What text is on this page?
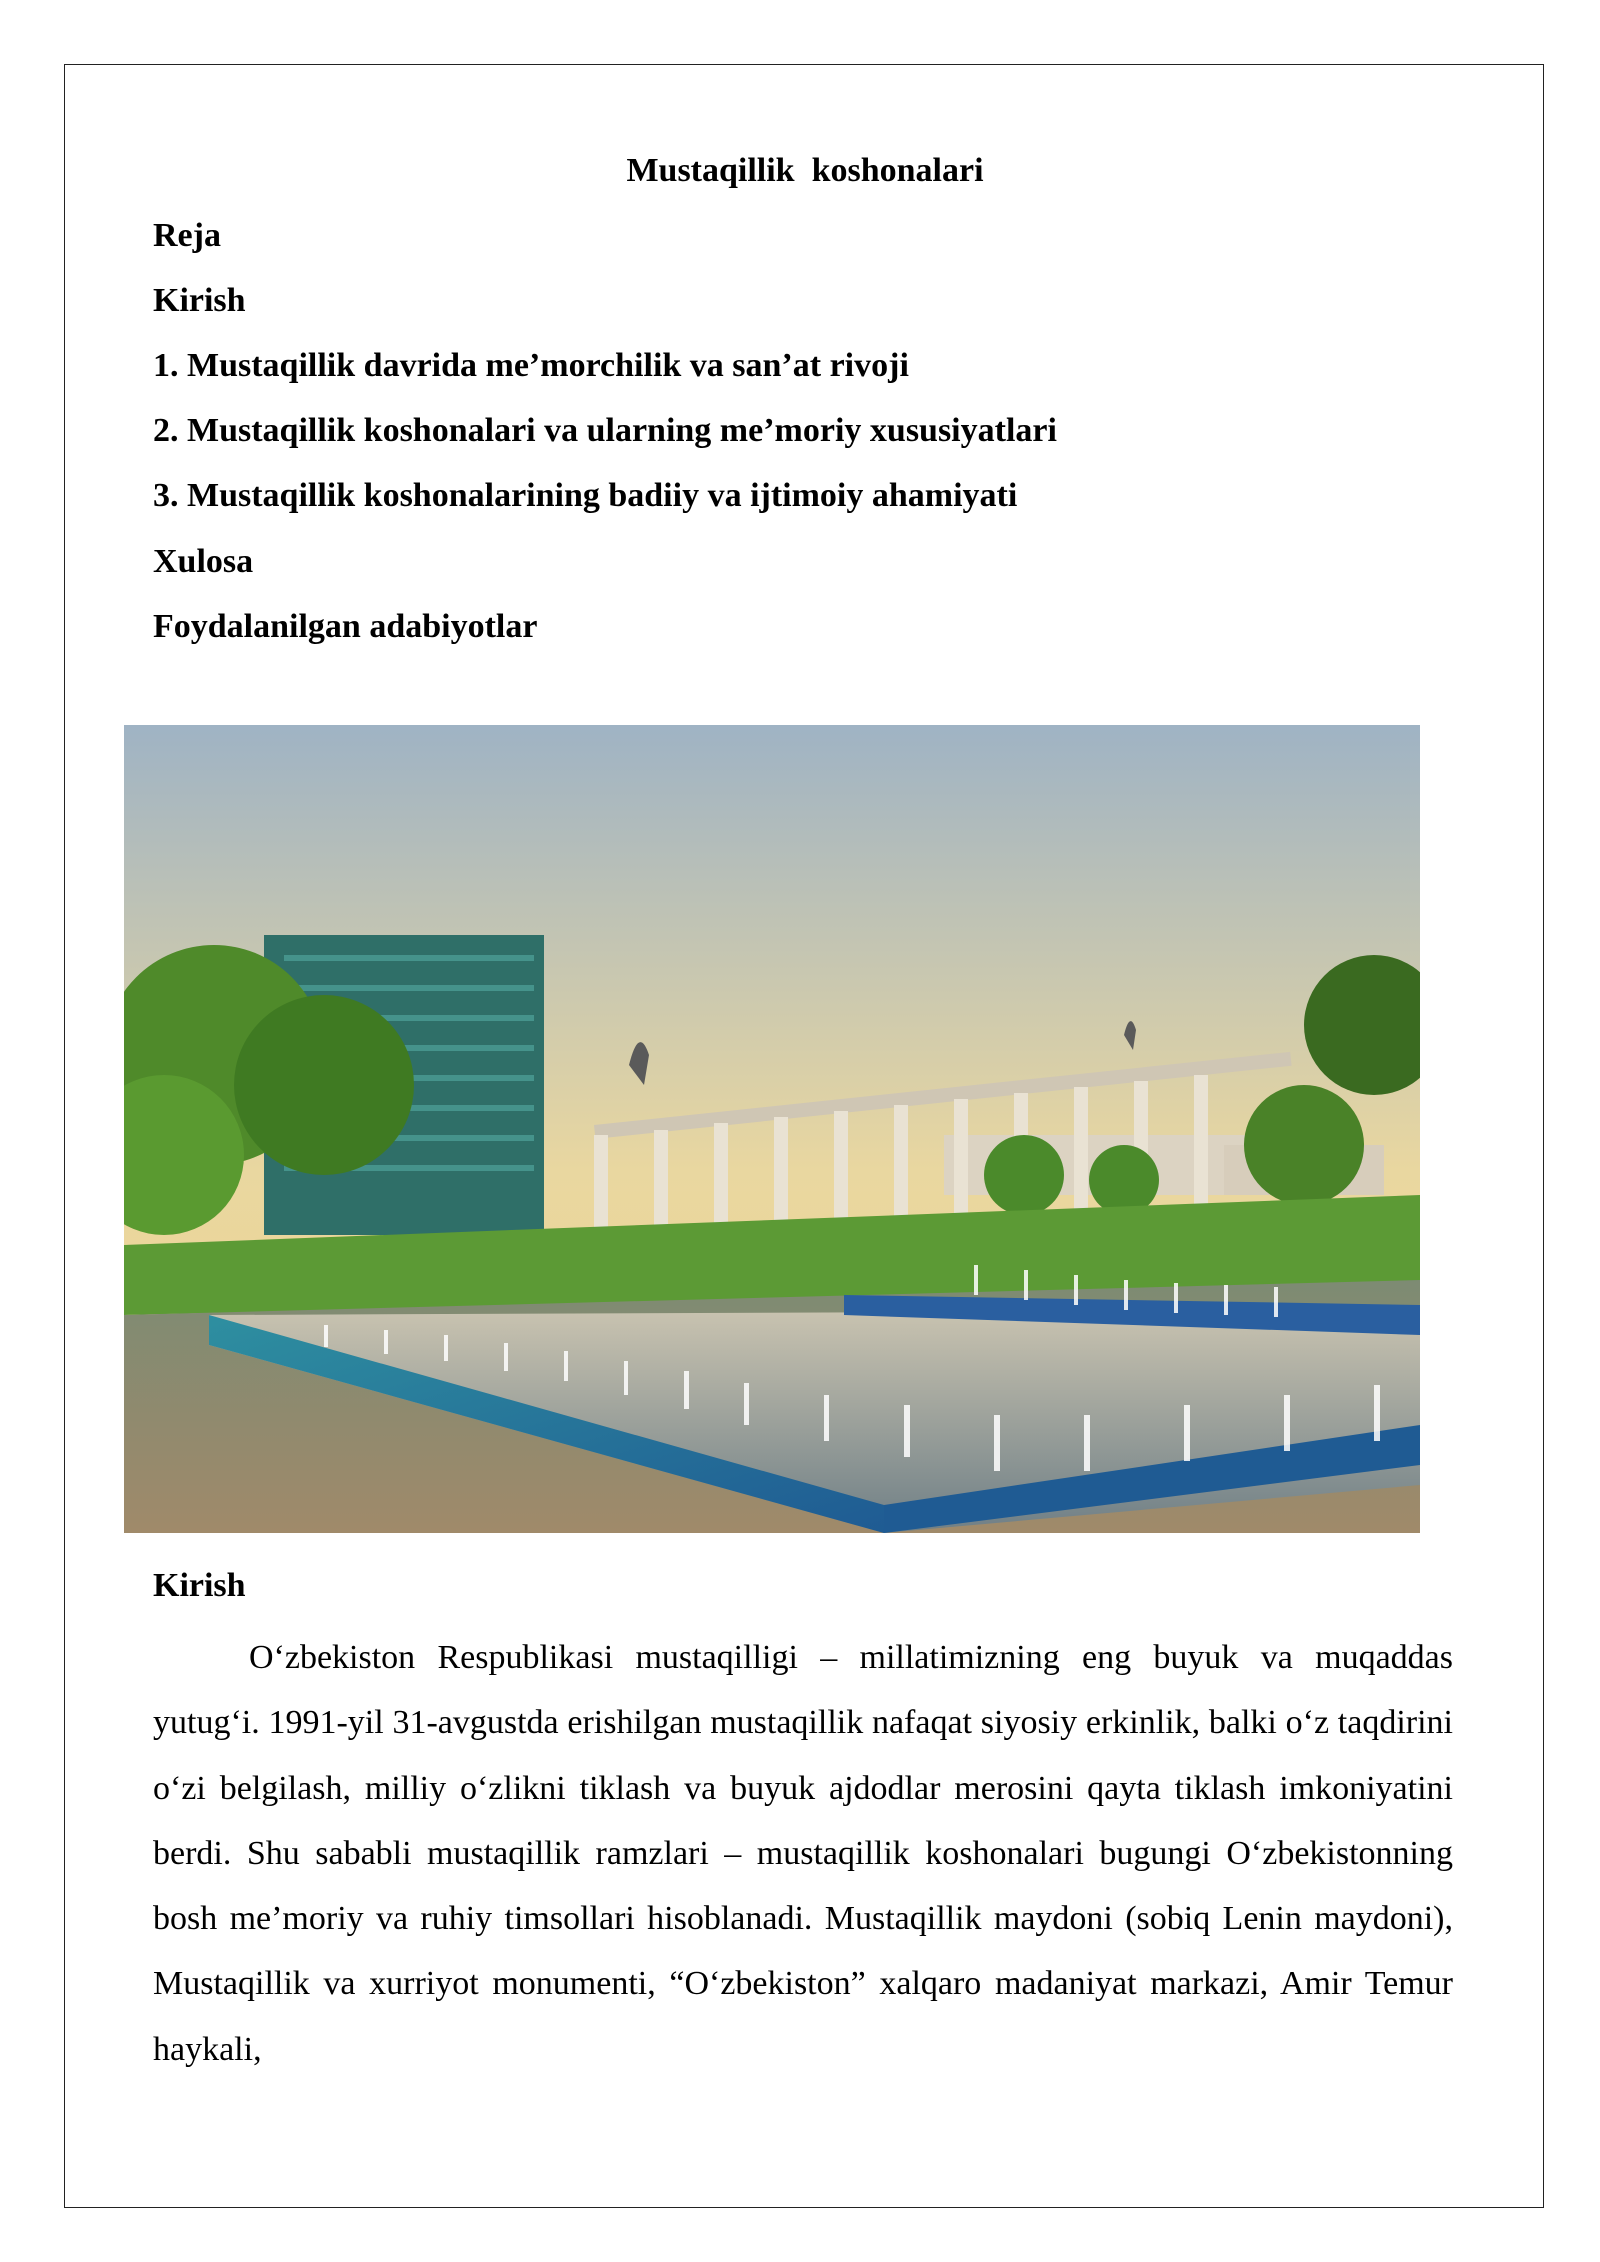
Mustaqillik  koshonalari
Reja
Kirish
1. Mustaqillik davrida me’morchilik va san’at rivoji
2. Mustaqillik koshonalari va ularning me’moriy xususiyatlari
3. Mustaqillik koshonalarining badiiy va ijtimoiy ahamiyati
Xulosa
Foydalanilgan adabiyotlar
Kirish

O‘zbekiston Respublikasi mustaqilligi – millatimizning eng buyuk va muqaddas yutug‘i. 1991-yil 31-avgustda erishilgan mustaqillik nafaqat siyosiy erkinlik, balki o‘z taqdirini o‘zi belgilash, milliy o‘zlikni tiklash va buyuk ajdodlar merosini qayta tiklash imkoniyatini berdi. Shu sababli mustaqillik ramzlari – mustaqillik koshonalari bugungi O‘zbekistonning bosh me’moriy va ruhiy timsollari hisoblanadi. Mustaqillik maydoni (sobiq Lenin maydoni), Mustaqillik va xurriyot monumenti, “O‘zbekiston” xalqaro madaniyat markazi, Amir Temur haykali,
